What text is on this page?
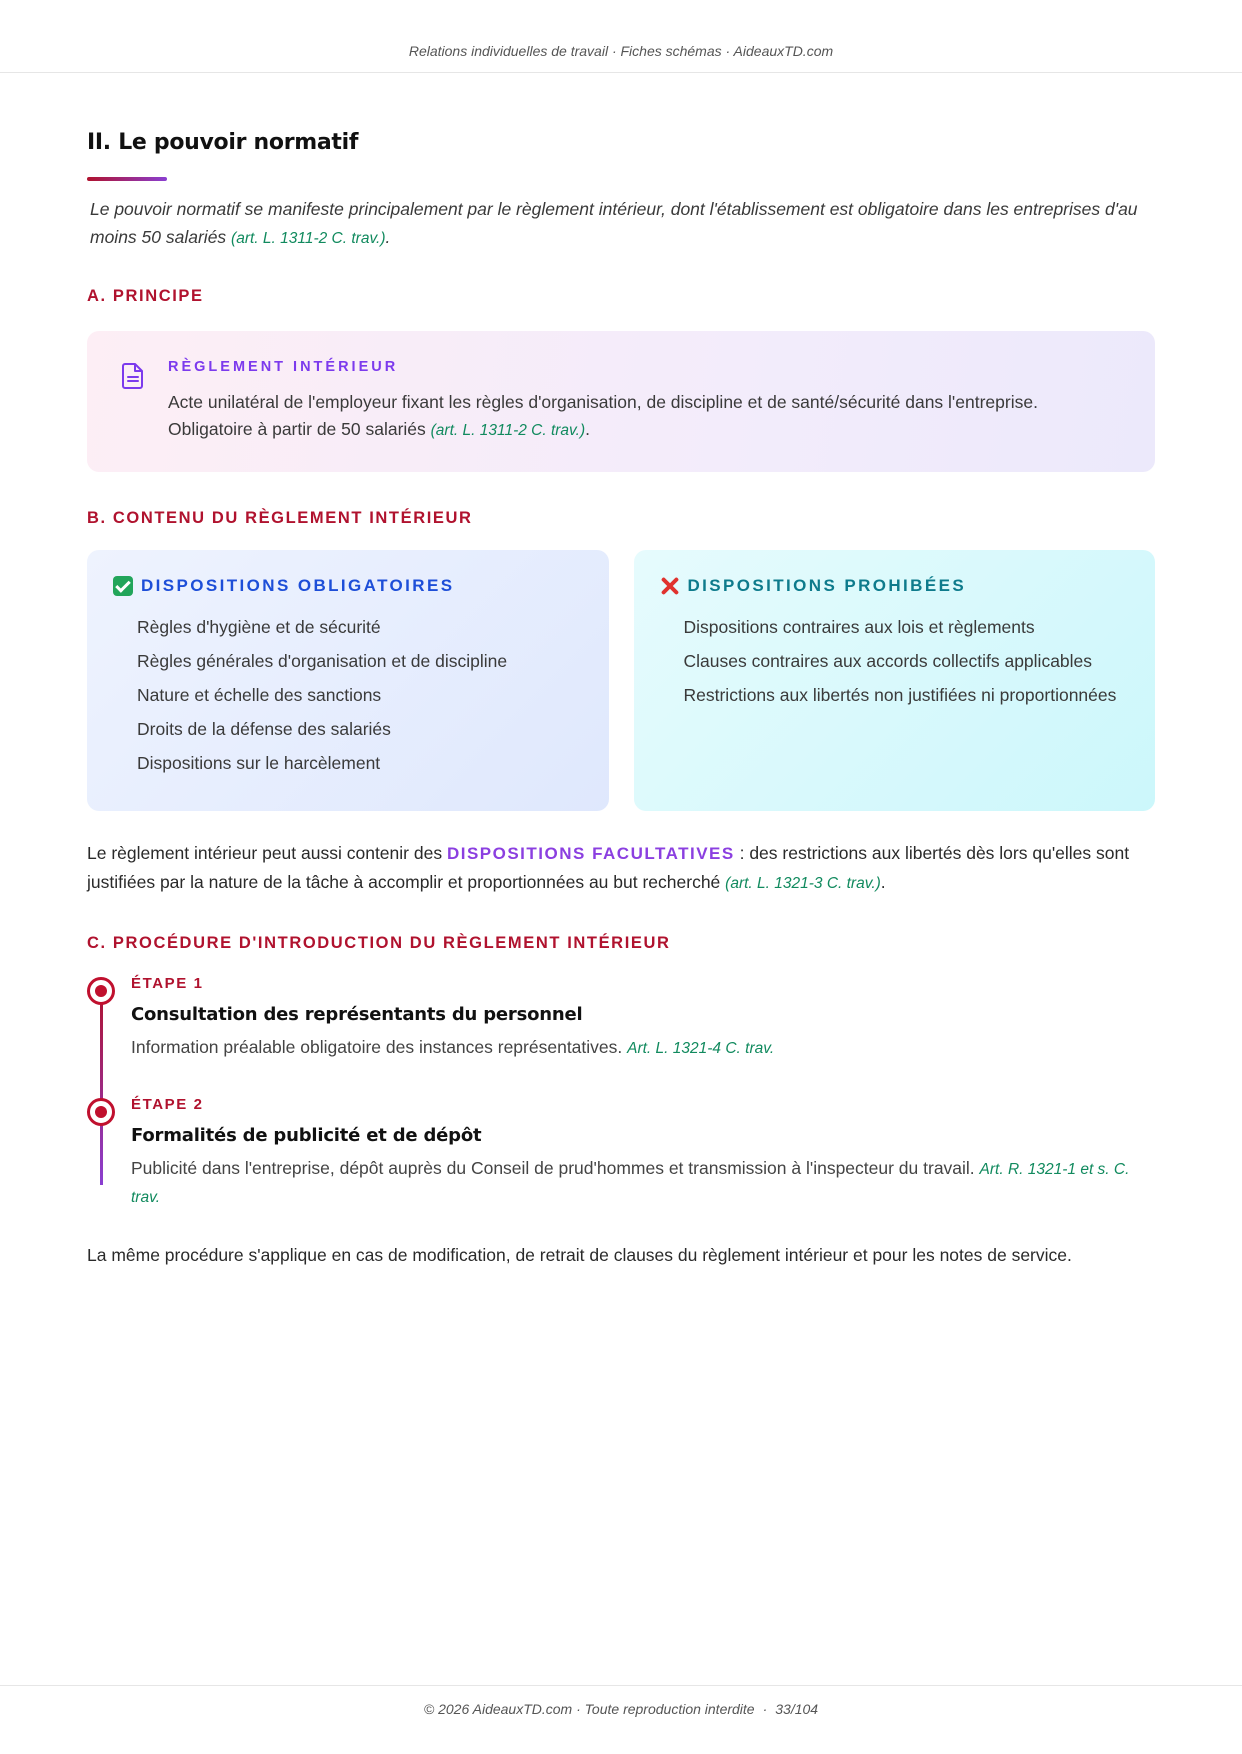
Relations individuelles de travail · Fiches schémas · AideauxTD.com
II. Le pouvoir normatif

Le pouvoir normatif se manifeste principalement par le règlement intérieur, dont l'établissement est obligatoire dans les entreprises d'au moins 50 salariés (art. L. 1311-2 C. trav.).

A. PRINCIPE
RÈGLEMENT INTÉRIEUR

Acte unilatéral de l'employeur fixant les règles d'organisation, de discipline et de santé/sécurité dans l'entreprise. Obligatoire à partir de 50 salariés (art. L. 1311-2 C. trav.).

B. CONTENU DU RÈGLEMENT INTÉRIEUR
DISPOSITIONS OBLIGATOIRES
Règles d'hygiène et de sécurité
Règles générales d'organisation et de discipline
Nature et échelle des sanctions
Droits de la défense des salariés
Dispositions sur le harcèlement
DISPOSITIONS PROHIBÉES
Dispositions contraires aux lois et règlements
Clauses contraires aux accords collectifs applicables
Restrictions aux libertés non justifiées ni proportionnées

Le règlement intérieur peut aussi contenir des DISPOSITIONS FACULTATIVES : des restrictions aux libertés dès lors qu'elles sont justifiées par la nature de la tâche à accomplir et proportionnées au but recherché (art. L. 1321-3 C. trav.).

C. PROCÉDURE D'INTRODUCTION DU RÈGLEMENT INTÉRIEUR
ÉTAPE 1
Consultation des représentants du personnel

Information préalable obligatoire des instances représentatives. Art. L. 1321-4 C. trav.

ÉTAPE 2
Formalités de publicité et de dépôt

Publicité dans l'entreprise, dépôt auprès du Conseil de prud'hommes et transmission à l'inspecteur du travail. Art. R. 1321-1 et s. C. trav.

La même procédure s'applique en cas de modification, de retrait de clauses du règlement intérieur et pour les notes de service.

© 2026 AideauxTD.com · Toute reproduction interdite · 33/104
